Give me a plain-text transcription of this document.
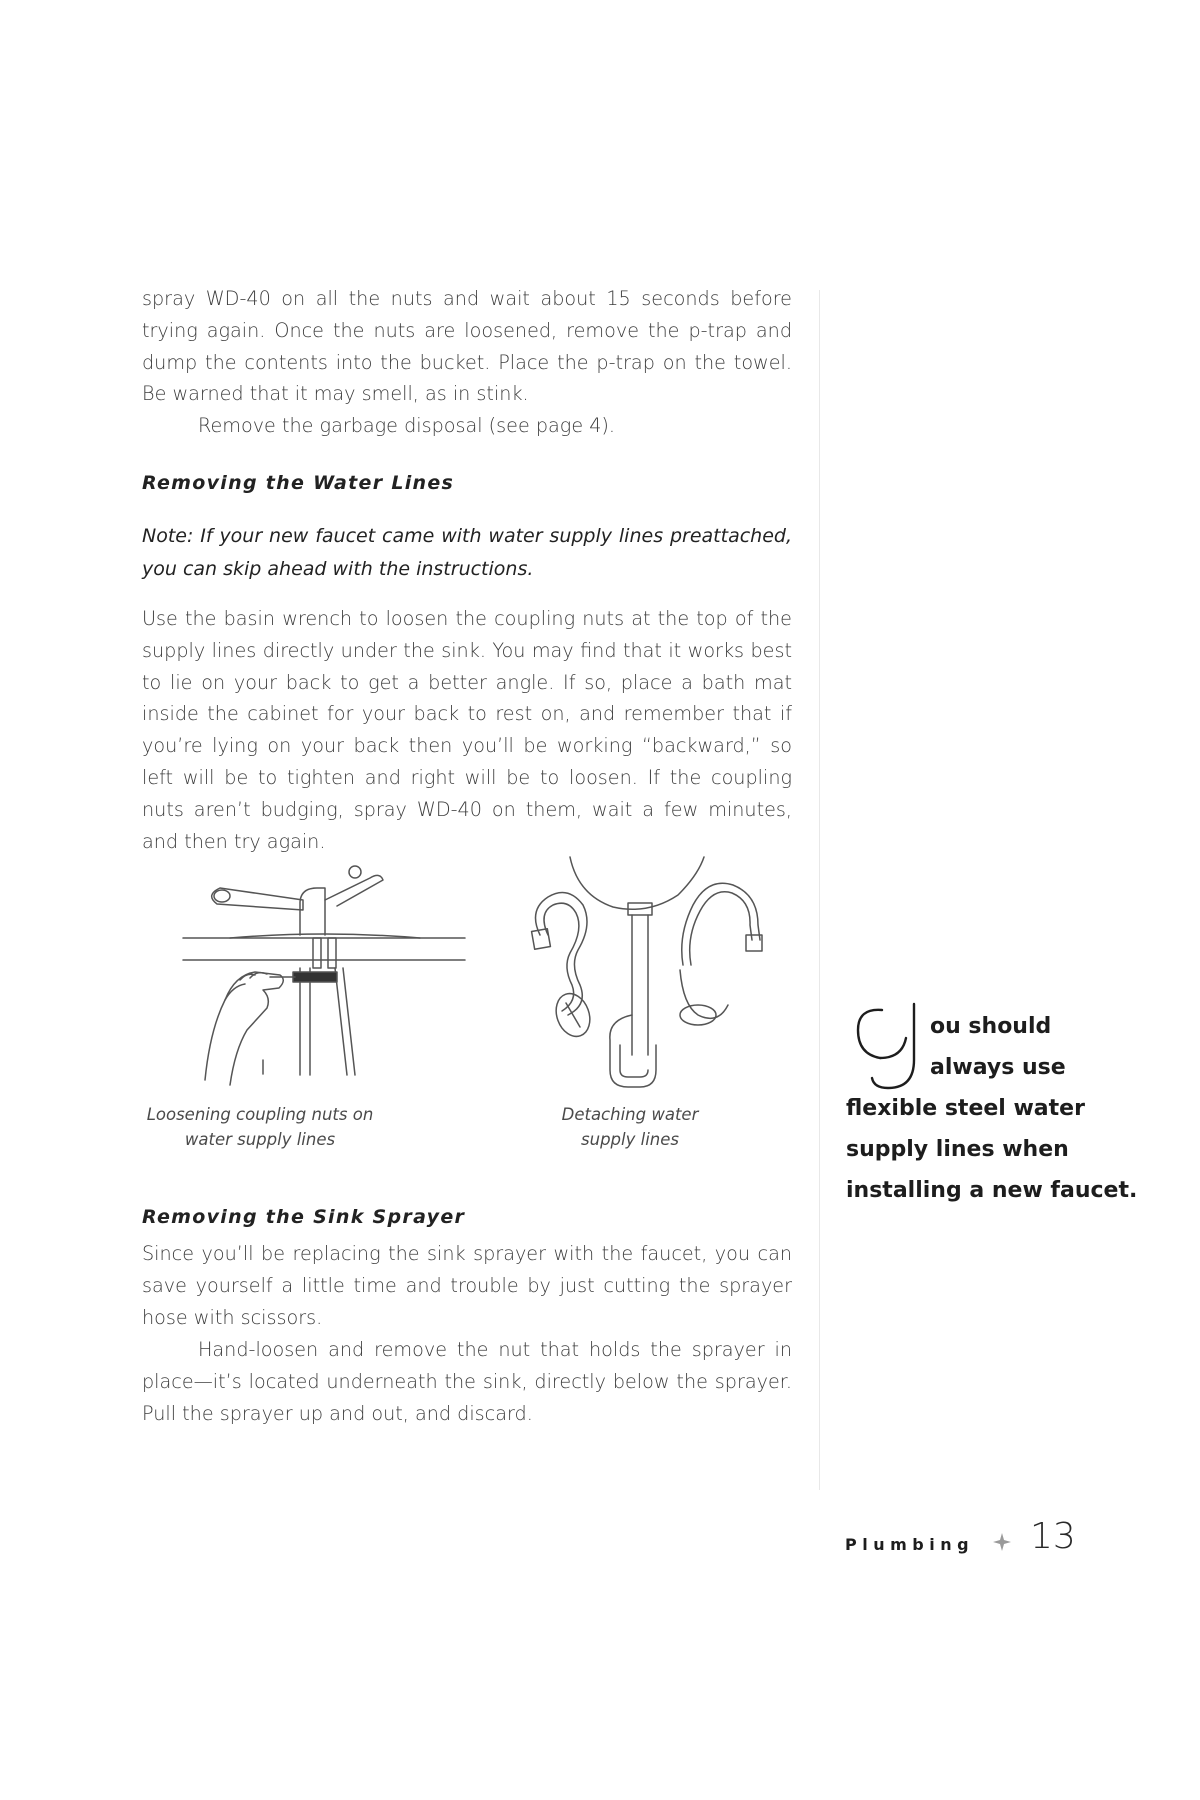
spray WD-40 on all the nuts and wait about 15 seconds before trying again. Once the nuts are loosened, remove the p-trap and dump the contents into the bucket. Place the p-trap on the towel. Be warned that it may smell, as in stink.

Remove the garbage disposal (see page 4).

Removing the Water Lines

Note: If your new faucet came with water supply lines preattached, you can skip ahead with the instructions.

Use the basin wrench to loosen the coupling nuts at the top of the supply lines directly under the sink. You may find that it works best to lie on your back to get a better angle. If so, place a bath mat inside the cabinet for your back to rest on, and remember that if you’re lying on your back then you’ll be working “backward,” so left will be to tighten and right will be to loosen. If the coupling nuts aren’t budging, spray WD-40 on them, wait a few minutes, and then try again.

Loosening coupling nuts on
water supply lines

Detaching water
supply lines

Removing the Sink Sprayer

Since you’ll be replacing the sink sprayer with the faucet, you can save yourself a little time and trouble by just cutting the sprayer hose with scissors.

Hand-loosen and remove the nut that holds the sprayer in place—it’s located underneath the sink, directly below the sprayer. Pull the sprayer up and out, and discard.

Y

ou should

always use

flexible steel water

supply lines when

installing a new faucet.

Plumbing 13
